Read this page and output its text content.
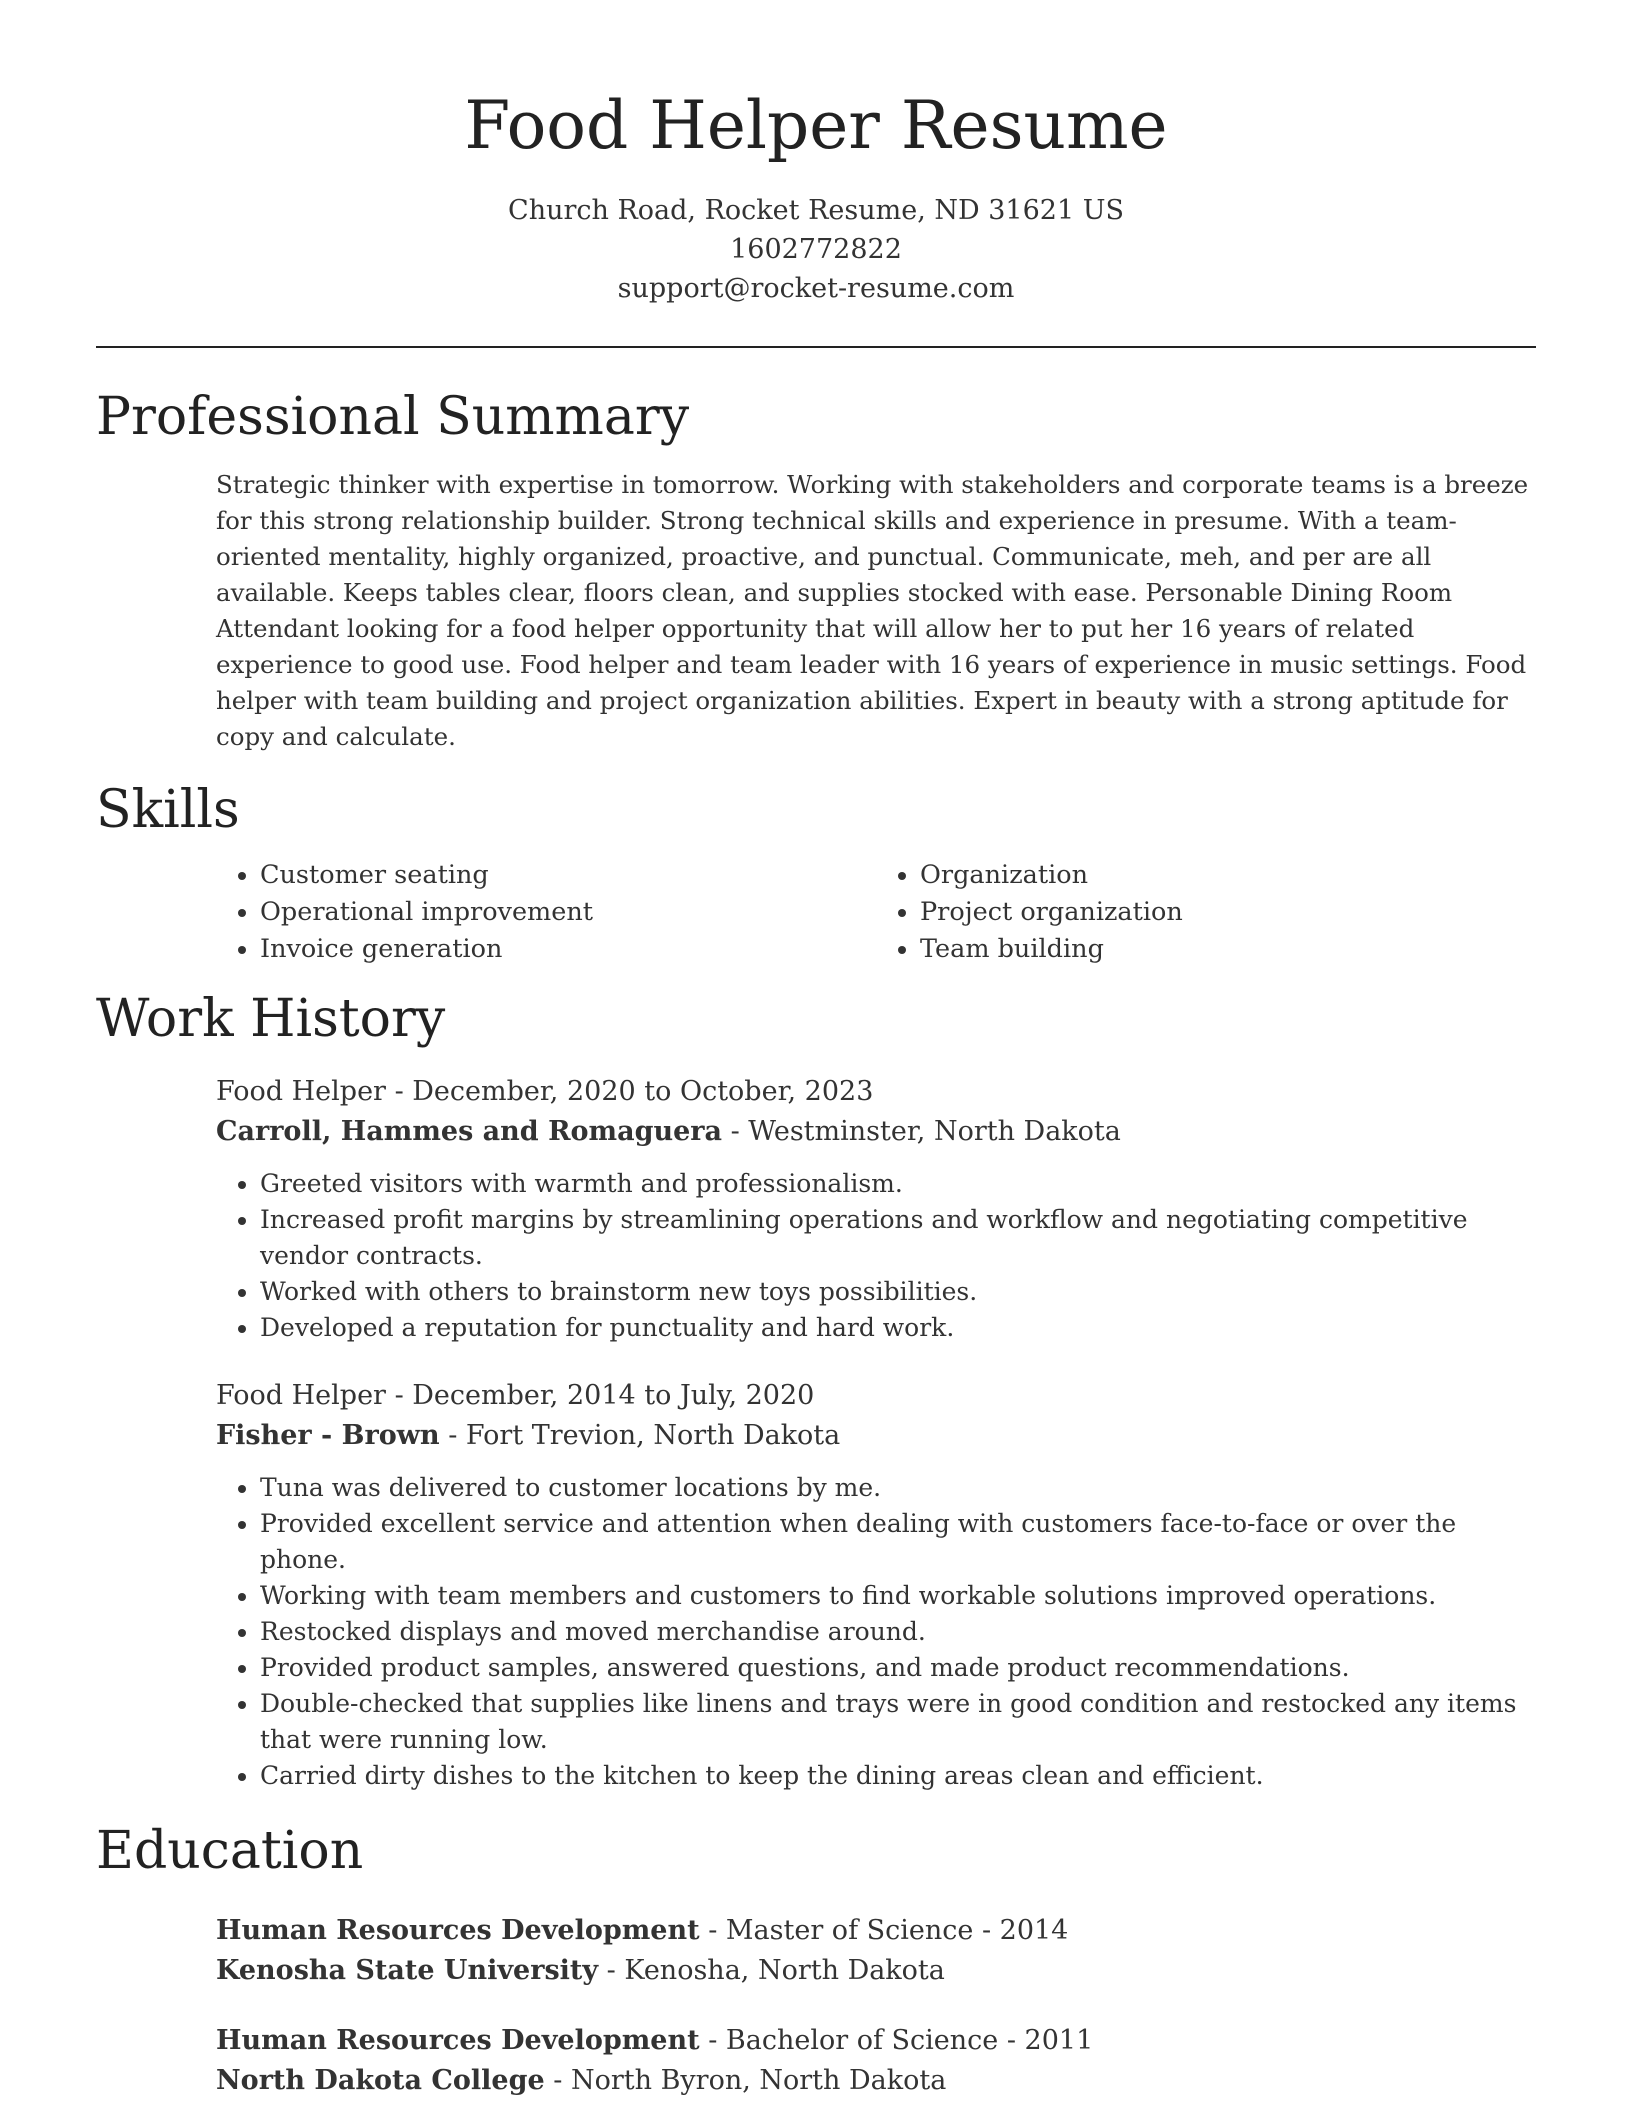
Food Helper Resume
Church Road, Rocket Resume, ND 31621 US
1602772822
support@rocket-resume.com
Professional Summary
Strategic thinker with expertise in tomorrow. Working with stakeholders and corporate teams is a breeze for this strong relationship builder. Strong technical skills and experience in presume. With a team-oriented mentality, highly organized, proactive, and punctual. Communicate, meh, and per are all available. Keeps tables clear, floors clean, and supplies stocked with ease. Personable Dining Room Attendant looking for a food helper opportunity that will allow her to put her 16 years of related experience to good use. Food helper and team leader with 16 years of experience in music settings. Food helper with team building and project organization abilities. Expert in beauty with a strong aptitude for copy and calculate.
Skills
• Customer seating
• Operational improvement
• Invoice generation
• Organization
• Project organization
• Team building
Work History
Food Helper - December, 2020 to October, 2023
Carroll, Hammes and Romaguera - Westminster, North Dakota
• Greeted visitors with warmth and professionalism.
• Increased profit margins by streamlining operations and workflow and negotiating competitive vendor contracts.
• Worked with others to brainstorm new toys possibilities.
• Developed a reputation for punctuality and hard work.
Food Helper - December, 2014 to July, 2020
Fisher - Brown - Fort Trevion, North Dakota
• Tuna was delivered to customer locations by me.
• Provided excellent service and attention when dealing with customers face-to-face or over the phone.
• Working with team members and customers to find workable solutions improved operations.
• Restocked displays and moved merchandise around.
• Provided product samples, answered questions, and made product recommendations.
• Double-checked that supplies like linens and trays were in good condition and restocked any items that were running low.
• Carried dirty dishes to the kitchen to keep the dining areas clean and efficient.
Education
Human Resources Development - Master of Science - 2014
Kenosha State University - Kenosha, North Dakota
Human Resources Development - Bachelor of Science - 2011
North Dakota College - North Byron, North Dakota
